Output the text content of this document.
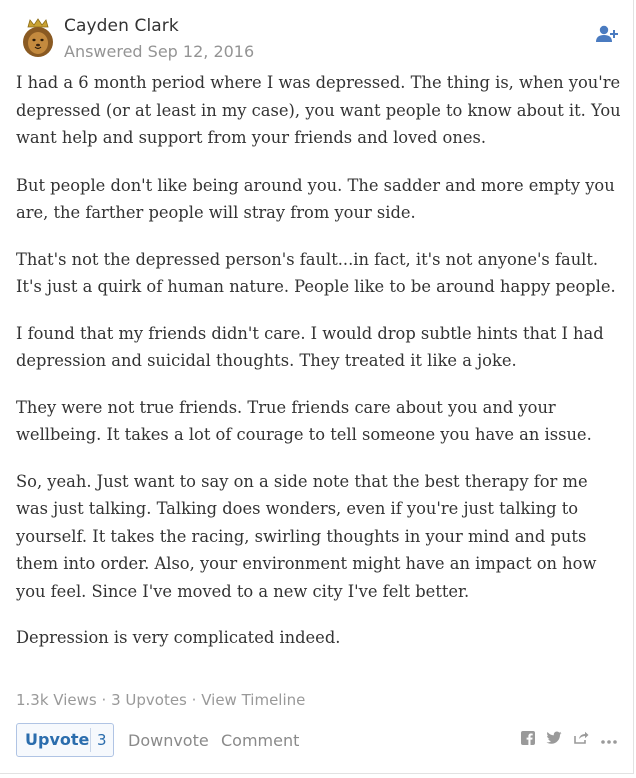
Cayden Clark
Answered Sep 12, 2016

I had a 6 month period where I was depressed. The thing is, when you're depressed (or at least in my case), you want people to know about it. You want help and support from your friends and loved ones.

But people don't like being around you. The sadder and more empty you are, the farther people will stray from your side.

That's not the depressed person's fault...in fact, it's not anyone's fault. It's just a quirk of human nature. People like to be around happy people.

I found that my friends didn't care. I would drop subtle hints that I had depression and suicidal thoughts. They treated it like a joke.

They were not true friends. True friends care about you and your wellbeing. It takes a lot of courage to tell someone you have an issue.

So, yeah. Just want to say on a side note that the best therapy for me was just talking. Talking does wonders, even if you're just talking to yourself. It takes the racing, swirling thoughts in your mind and puts them into order. Also, your environment might have an impact on how you feel. Since I've moved to a new city I've felt better.

Depression is very complicated indeed.

1.3k Views · 3 Upvotes · View Timeline
Upvote 3 Downvote Comment
